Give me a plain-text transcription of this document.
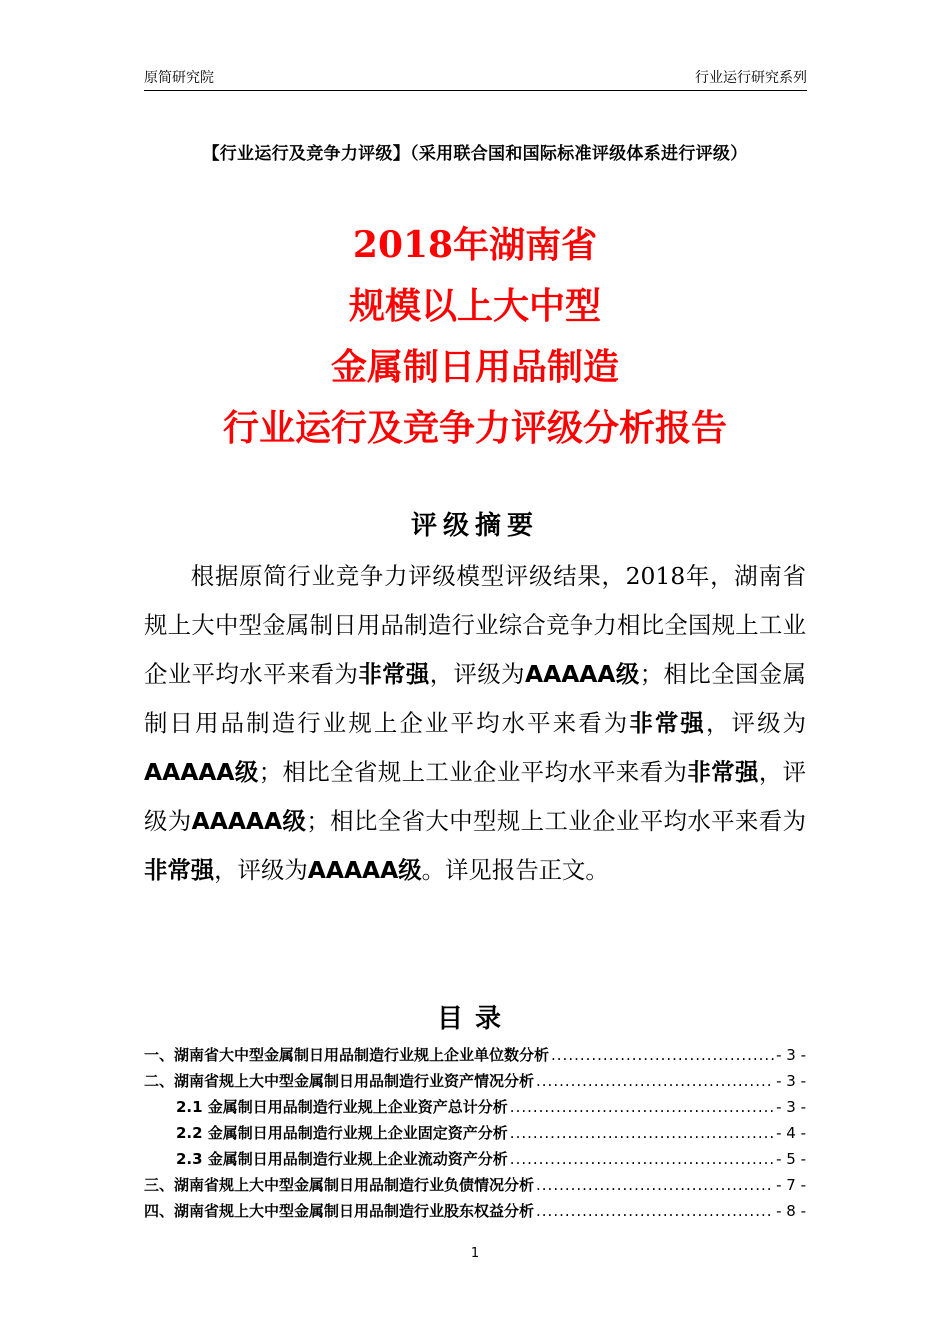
原简研究院	行业运行研究系列
【行业运行及竞争力评级】（采用联合国和国际标准评级体系进行评级）
2018年湖南省
规模以上大中型
金属制日用品制造
行业运行及竞争力评级分析报告
评级摘要
根据原简行业竞争力评级模型评级结果，2018年，湖南省规上大中型金属制日用品制造行业综合竞争力相比全国规上工业企业平均水平来看为非常强，评级为AAAAA级；相比全国金属制日用品制造行业规上企业平均水平来看为非常强，评级为AAAAA级；相比全省规上工业企业平均水平来看为非常强，评级为AAAAA级；相比全省大中型规上工业企业平均水平来看为非常强，评级为AAAAA级。详见报告正文。
目录
一、湖南省大中型金属制日用品制造行业规上企业单位数分析 .....	- 3 -
二、湖南省规上大中型金属制日用品制造行业资产情况分析 .....	- 3 -
2.1 金属制日用品制造行业规上企业资产总计分析 .....	- 3 -
2.2 金属制日用品制造行业规上企业固定资产分析 .....	- 4 -
2.3 金属制日用品制造行业规上企业流动资产分析 .....	- 5 -
三、湖南省规上大中型金属制日用品制造行业负债情况分析 .....	- 7 -
四、湖南省规上大中型金属制日用品制造行业股东权益分析 .....	- 8 -
1
